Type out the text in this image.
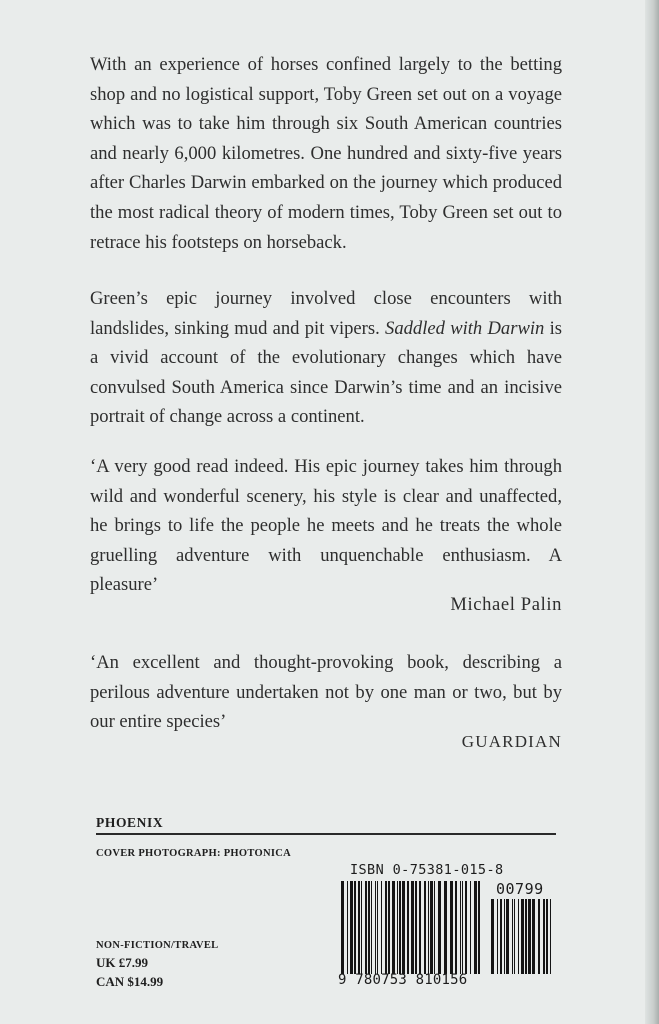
With an experience of horses confined largely to the betting shop and no logistical support, Toby Green set out on a voyage which was to take him through six South American countries and nearly 6,000 kilometres. One hundred and sixty-five years after Charles Darwin embarked on the journey which produced the most radical theory of modern times, Toby Green set out to retrace his footsteps on horseback.

Green’s epic journey involved close encounters with landslides, sinking mud and pit vipers. Saddled with Darwin is a vivid account of the evolutionary changes which have convulsed South America since Darwin’s time and an incisive portrait of change across a continent.

‘A very good read indeed. His epic journey takes him through wild and wonderful scenery, his style is clear and unaffected, he brings to life the people he meets and he treats the whole gruelling adventure with unquenchable enthusiasm. A pleasure’

Michael Palin

‘An excellent and thought-provoking book, describing a perilous adventure undertaken not by one man or two, but by our entire species’

GUARDIAN
PHOENIX
COVER PHOTOGRAPH: PHOTONICA
NON-FICTION/TRAVEL
UK £7.99
CAN $14.99
ISBN 0-75381-015-8
00799
9 780753 810156
